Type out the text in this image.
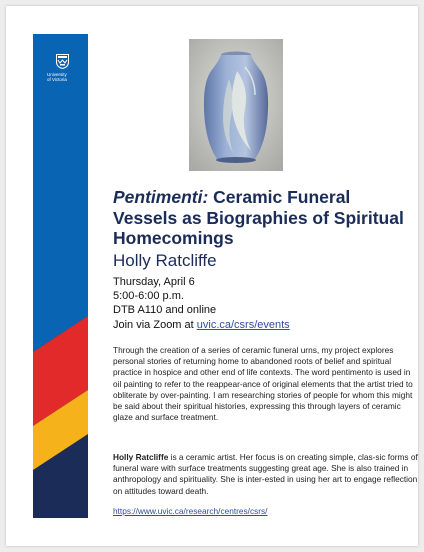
University
of Victoria
Pentimenti: Ceramic Funeral Vessels as Biographies of Spiritual Homecomings
Holly Ratcliffe
Thursday, April 6
5:00-6:00 p.m.
DTB A110 and online
Join via Zoom at uvic.ca/csrs/events
Through the creation of a series of ceramic funeral urns, my project explores personal stories of returning home to abandoned roots of belief and spiritual practice in hospice and other end of life contexts. The word pentimento is used in oil painting to refer to the reappear-ance of original elements that the artist tried to obliterate by over-painting. I am researching stories of people for whom this might be said about their spiritual histories, expressing this through layers of ceramic glaze and surface treatment.
Holly Ratcliffe is a ceramic artist. Her focus is on creating simple, clas-sic forms of funeral ware with surface treatments suggesting great age. She is also trained in anthropology and spirituality. She is inter-ested in using her art to engage reflection on attitudes toward death.
https://www.uvic.ca/research/centres/csrs/
